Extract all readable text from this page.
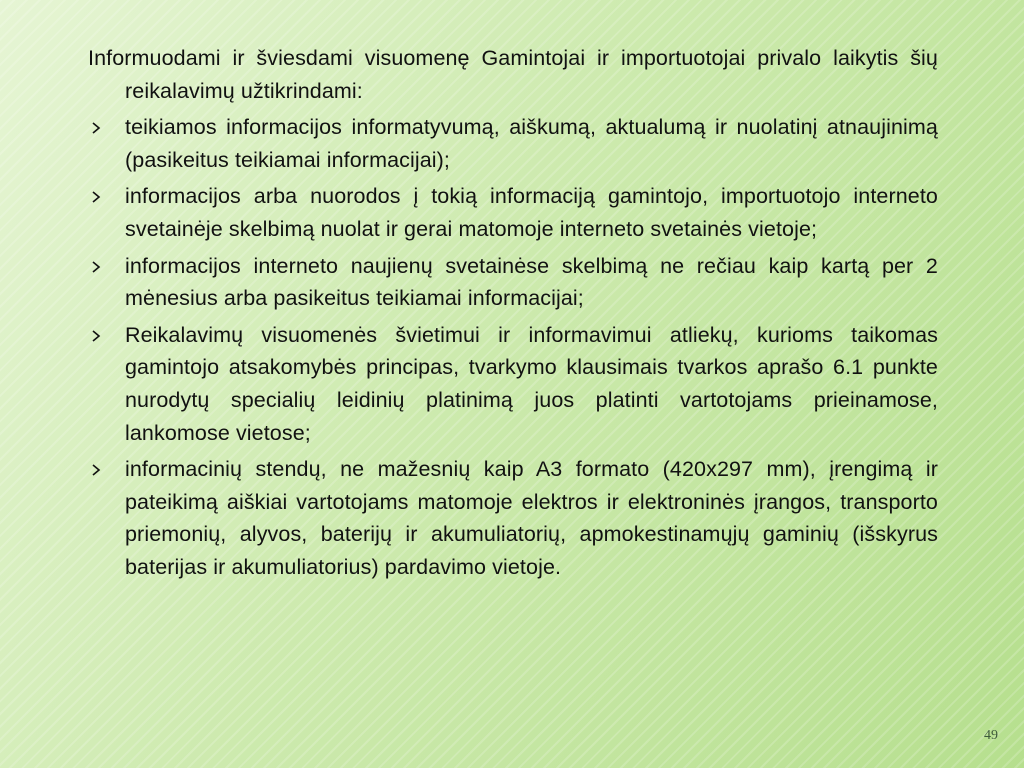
Informuodami ir šviesdami visuomenę Gamintojai ir importuotojai privalo laikytis šių reikalavimų užtikrindami:

teikiamos informacijos informatyvumą, aiškumą, aktualumą ir nuolatinį atnaujinimą (pasikeitus teikiamai informacijai);
informacijos arba nuorodos į tokią informaciją gamintojo, importuotojo interneto svetainėje skelbimą nuolat ir gerai matomoje interneto svetainės vietoje;
informacijos interneto naujienų svetainėse skelbimą ne rečiau kaip kartą per 2 mėnesius arba pasikeitus teikiamai informacijai;
Reikalavimų visuomenės švietimui ir informavimui atliekų, kurioms taikomas gamintojo atsakomybės principas, tvarkymo klausimais tvarkos aprašo 6.1 punkte nurodytų specialių leidinių platinimą juos platinti vartotojams prieinamose, lankomose vietose;
informacinių stendų, ne mažesnių kaip A3 formato (420x297 mm), įrengimą ir pateikimą aiškiai vartotojams matomoje elektros ir elektroninės įrangos, transporto priemonių, alyvos, baterijų ir akumuliatorių, apmokestinamųjų gaminių (išskyrus baterijas ir akumuliatorius) pardavimo vietoje.
49
